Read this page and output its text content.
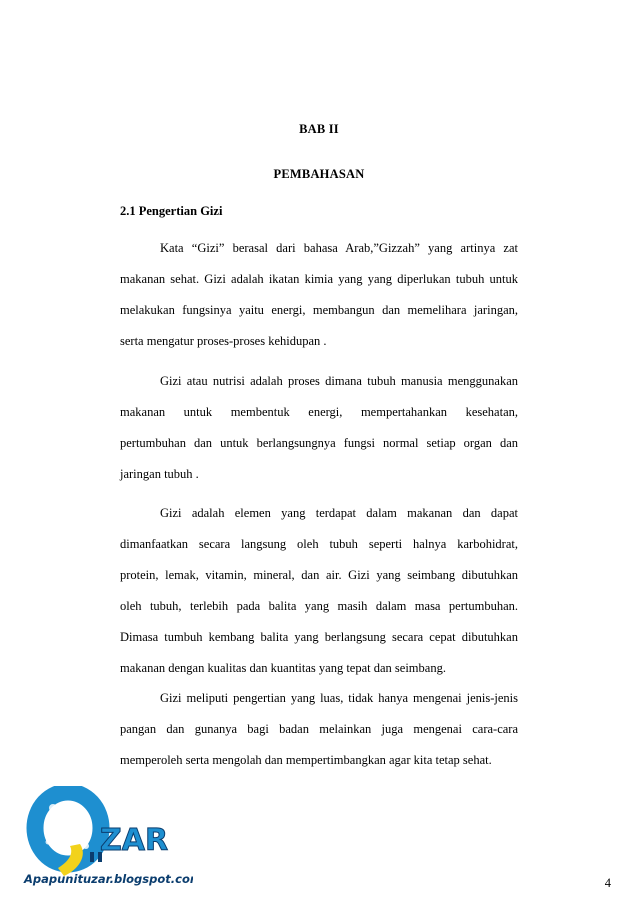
BAB II
PEMBAHASAN
2.1 Pengertian Gizi
Kata “Gizi” berasal dari bahasa Arab,”Gizzah” yang artinya zat
makanan sehat. Gizi adalah ikatan kimia yang yang diperlukan tubuh untuk
melakukan fungsinya yaitu energi, membangun dan memelihara jaringan,
serta mengatur proses-proses kehidupan .
Gizi atau nutrisi adalah proses dimana tubuh manusia menggunakan
makanan untuk membentuk energi, mempertahankan kesehatan,
pertumbuhan dan untuk berlangsungnya fungsi normal setiap organ dan
jaringan tubuh .
Gizi adalah elemen yang terdapat dalam makanan dan dapat
dimanfaatkan secara langsung oleh tubuh seperti halnya karbohidrat,
protein, lemak, vitamin, mineral, dan air. Gizi yang seimbang dibutuhkan
oleh tubuh, terlebih pada balita yang masih dalam masa pertumbuhan.
Dimasa tumbuh kembang balita yang berlangsung secara cepat dibutuhkan
makanan dengan kualitas dan kuantitas yang tepat dan seimbang.
Gizi meliputi pengertian yang luas, tidak hanya mengenai jenis-jenis
pangan dan gunanya bagi badan melainkan juga mengenai cara-cara
memperoleh serta mengolah dan mempertimbangkan agar kita tetap sehat.
ZAR
Apapunituzar.blogspot.com	4
